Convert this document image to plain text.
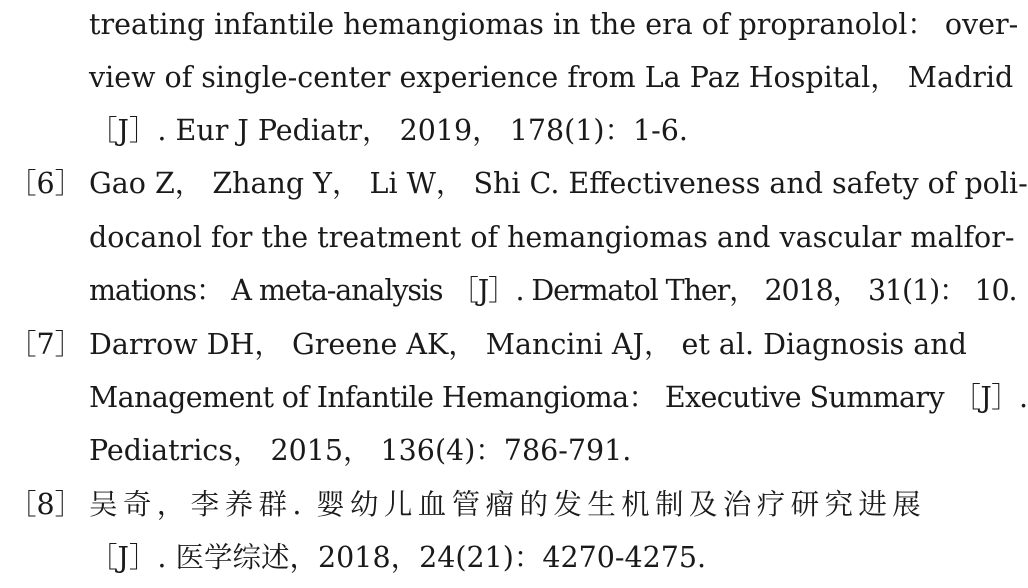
treating infantile hemangiomas in the era of propranolol： over-
view of single-center experience from La Paz Hospital， Madrid
［J］. Eur J Pediatr， 2019， 178(1)：1-6.
［6］ Gao Z， Zhang Y， Li W， Shi C. Effectiveness and safety of poli-
docanol for the treatment of hemangiomas and vascular malfor-
mations： A meta-analysis ［J］. Dermatol Ther， 2018， 31(1)： 10.
［7］ Darrow DH， Greene AK， Mancini AJ， et al. Diagnosis and
Management of Infantile Hemangioma： Executive Summary ［J］.
Pediatrics， 2015， 136(4)：786-791.
［8］ 吴奇，李养群. 婴幼儿血管瘤的发生机制及治疗研究进展
［J］. 医学综述，2018，24(21)：4270-4275.
